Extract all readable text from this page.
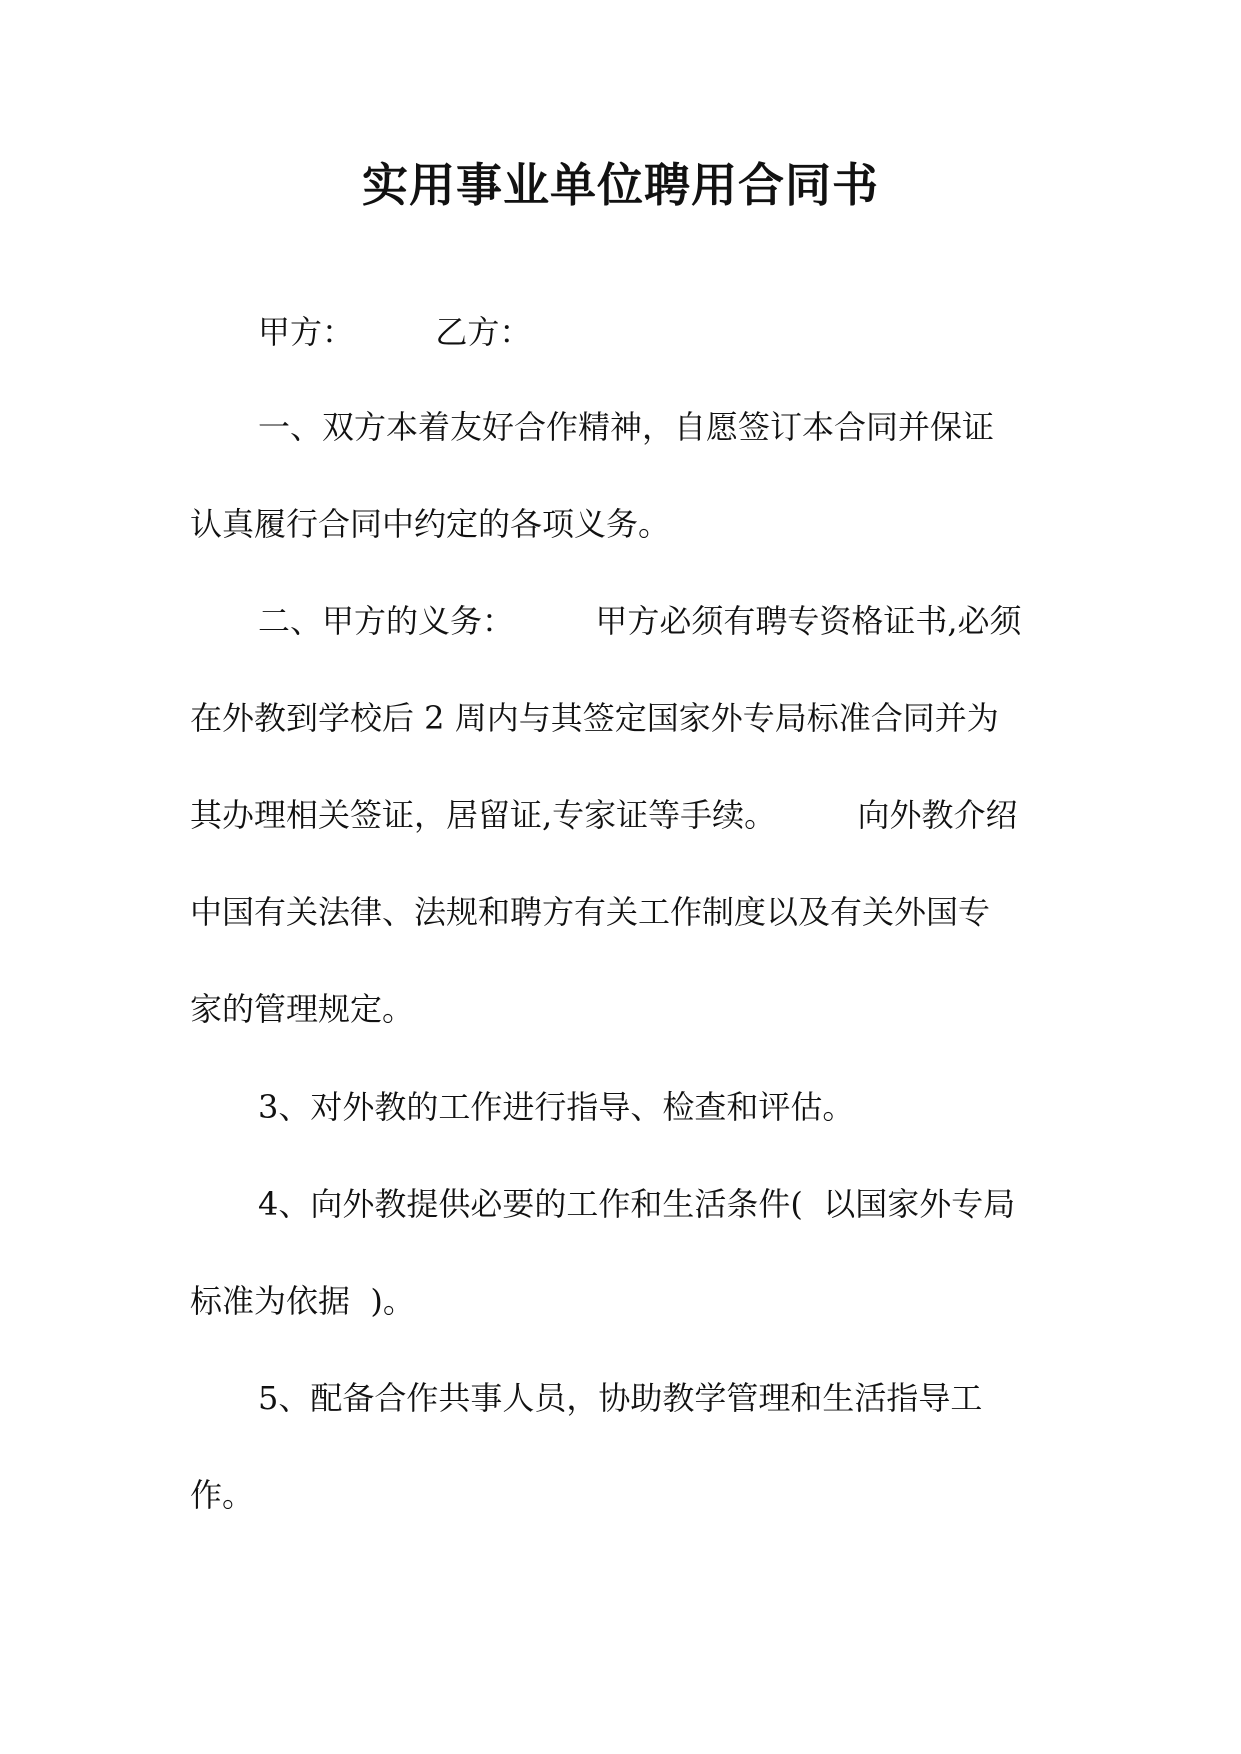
实用事业单位聘用合同书

甲方：        乙方：

一、双方本着友好合作精神，自愿签订本合同并保证

认真履行合同中约定的各项义务。

二、甲方的义务：        甲方必须有聘专资格证书,必须

在外教到学校后 2 周内与其签定国家外专局标准合同并为

其办理相关签证，居留证,专家证等手续。        向外教介绍

中国有关法律、法规和聘方有关工作制度以及有关外国专

家的管理规定。

3、对外教的工作进行指导、检查和评估。

4、向外教提供必要的工作和生活条件(  以国家外专局

标准为依据  )。

5、配备合作共事人员，协助教学管理和生活指导工

作。
